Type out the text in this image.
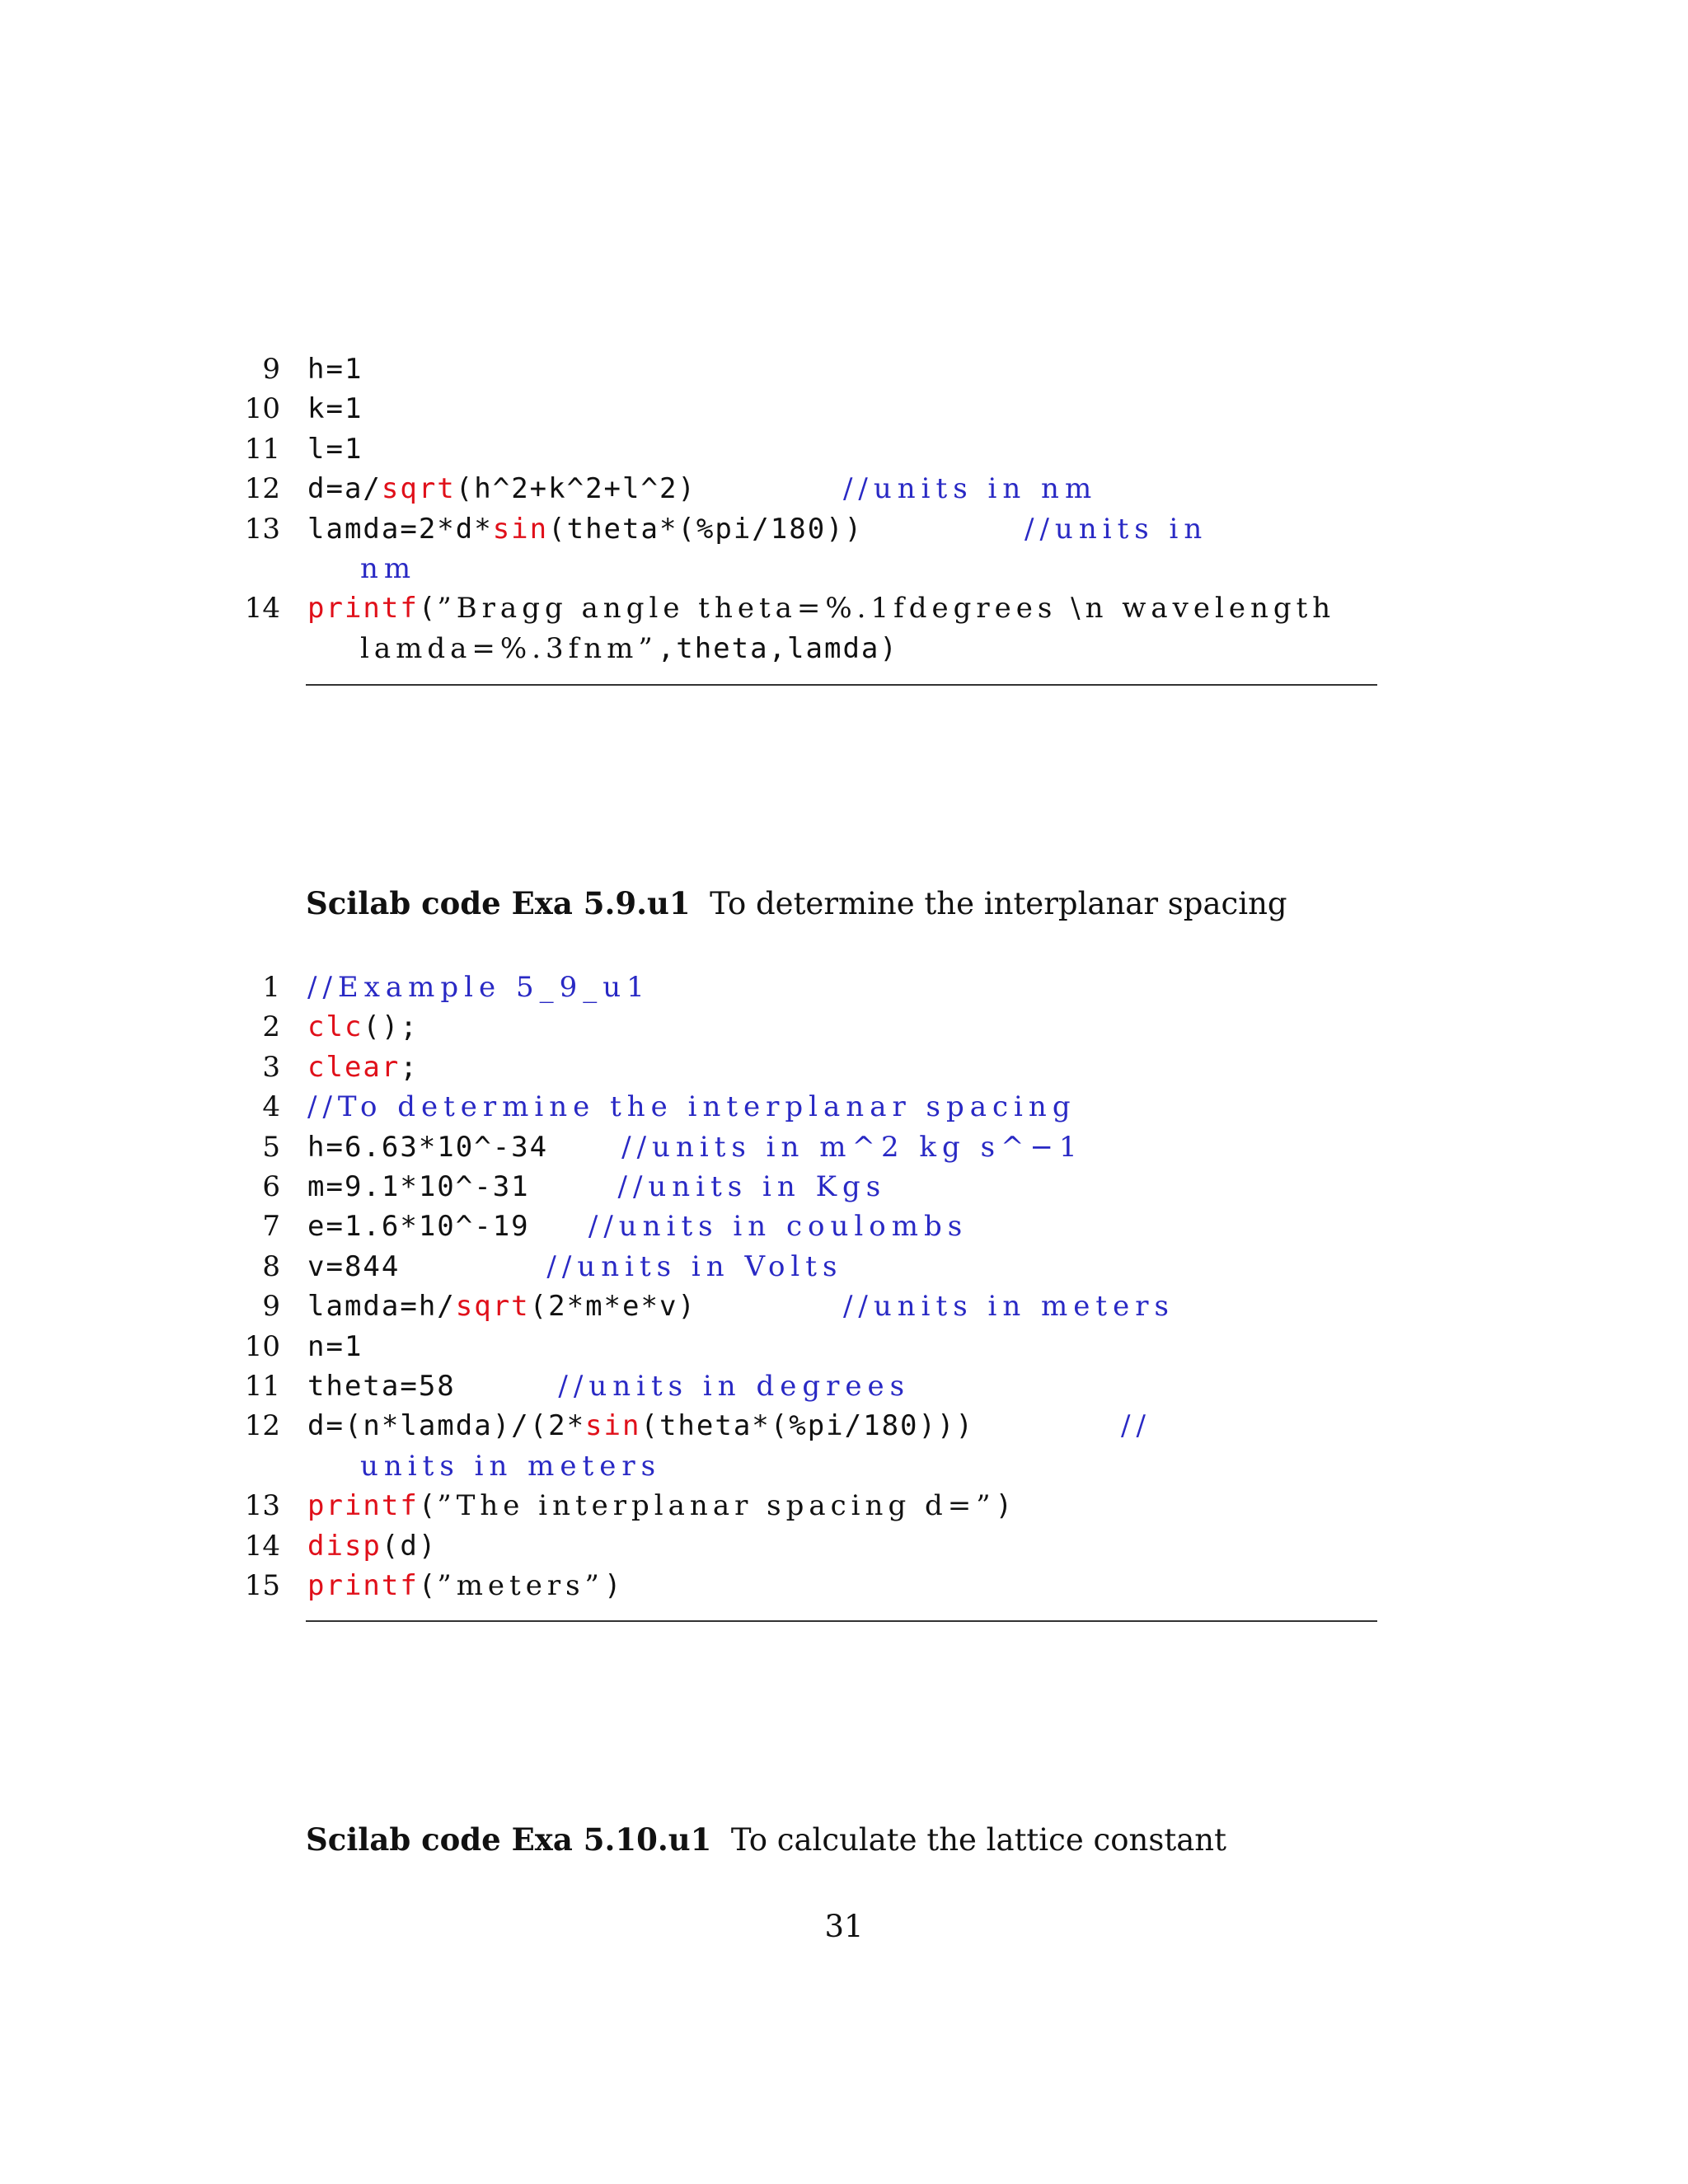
9 h=1
10 k=1
11 l=1
12 d=a/sqrt(h^2+k^2+l^2)          //units in nm
13 lamda=2*d*sin(theta*(%pi/180))           //units in
nm
14 printf(”Bragg angle theta=%.1fdegrees \n wavelength
lamda=%.3fnm”,theta,lamda)
Scilab code Exa 5.9.u1 To determine the interplanar spacing
1 //Example 5_9_u1
2 clc();
3 clear;
4 //To determine the interplanar spacing
5 h=6.63*10^-34     //units in m^2 kg s^−1
6 m=9.1*10^-31      //units in Kgs
7 e=1.6*10^-19    //units in coulombs
8 v=844          //units in Volts
9 lamda=h/sqrt(2*m*e*v)          //units in meters
10 n=1
11 theta=58       //units in degrees
12 d=(n*lamda)/(2*sin(theta*(%pi/180)))          //
units in meters
13 printf(”The interplanar spacing d=”)
14 disp(d)
15 printf(”meters”)
Scilab code Exa 5.10.u1 To calculate the lattice constant
31
